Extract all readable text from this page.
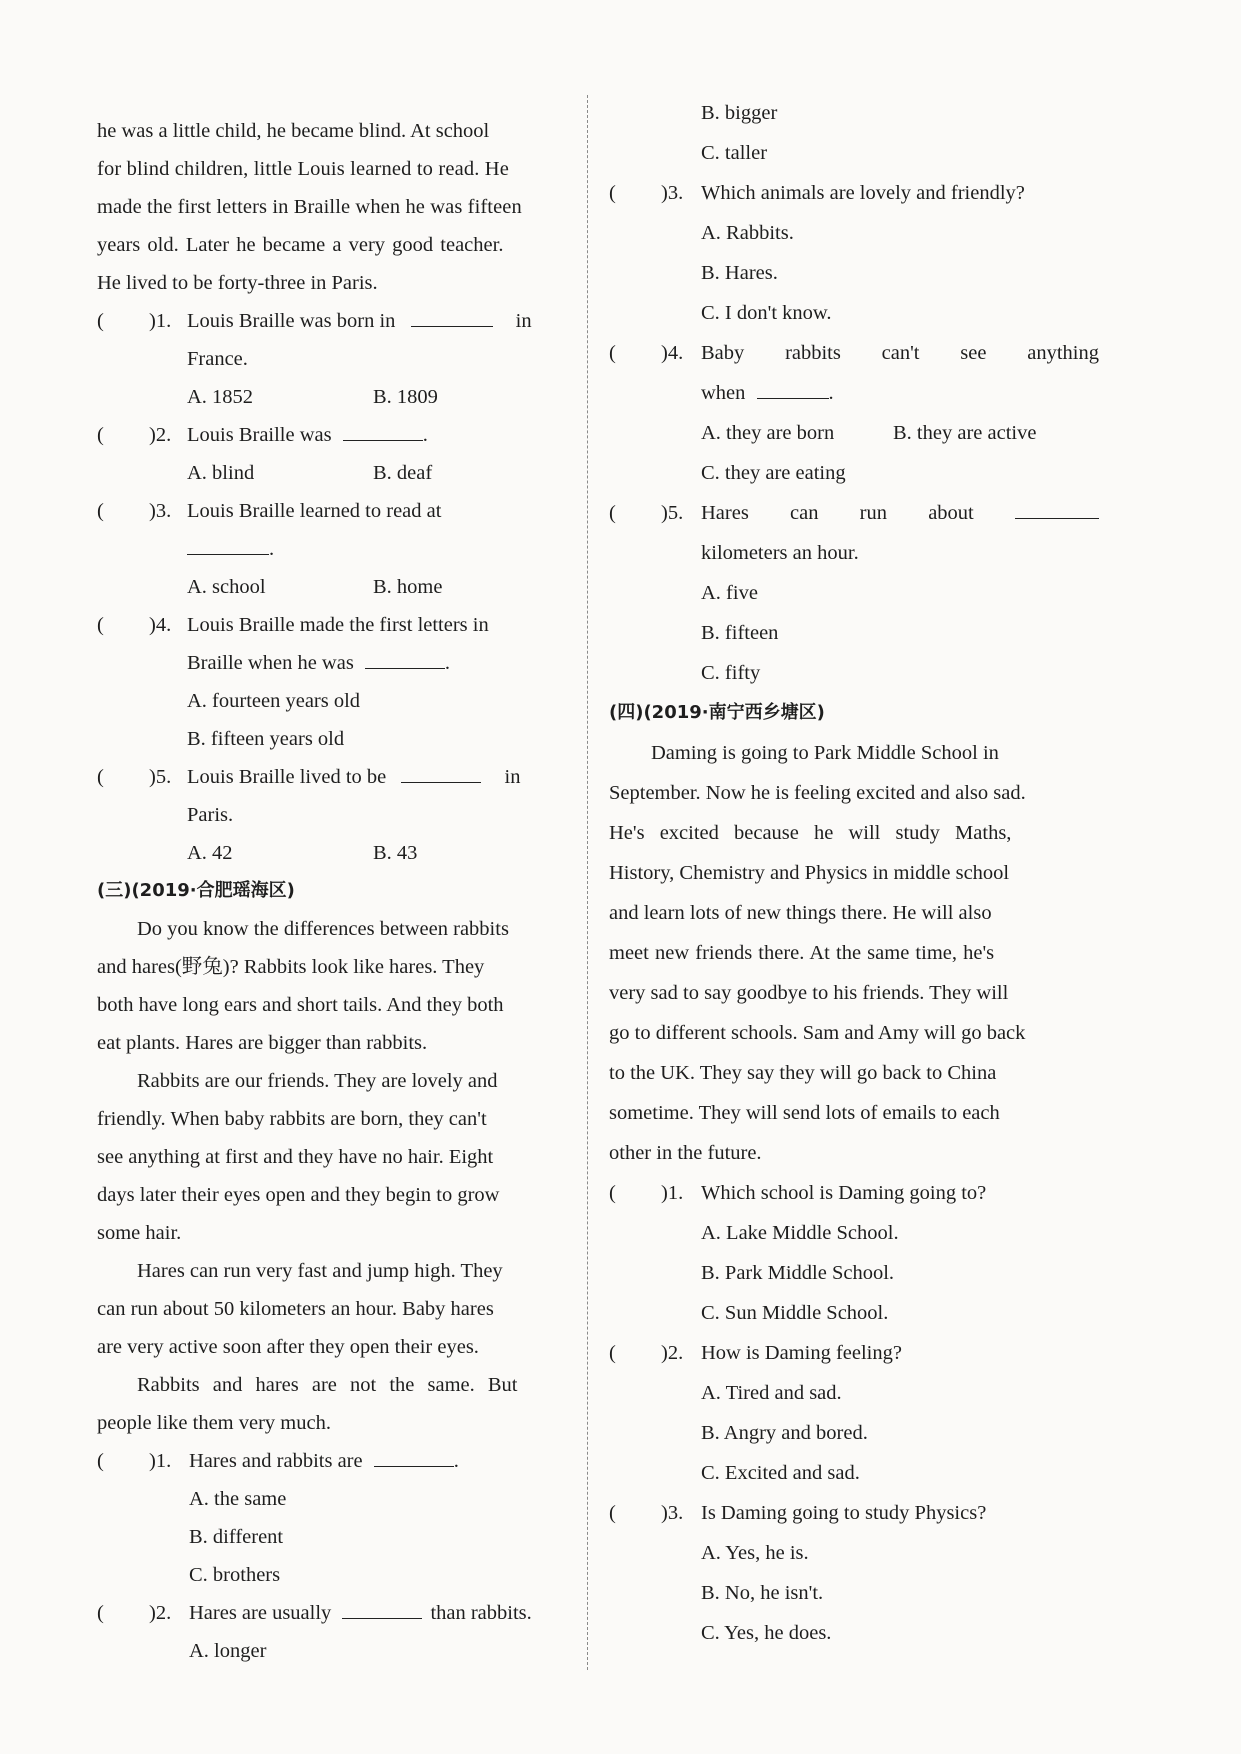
he was a little child, he became blind. At school
for blind children, little Louis learned to read. He
made the first letters in Braille when he was fifteen
years old. Later he became a very good teacher.
He lived to be forty-three in Paris.
( )1. Louis Braille was born in	in
France.
A. 1852	B. 1809
( )2. Louis Braille was	.
A. blind	B. deaf
( )3. Louis Braille learned to read at
.
A. school	B. home
( )4. Louis Braille made the first letters in
Braille when he was	.
A. fourteen years old
B. fifteen years old
( )5. Louis Braille lived to be	in
Paris.
A. 42	B. 43
(三)(2019·合肥瑶海区)
Do you know the differences between rabbits
and hares(野兔)? Rabbits look like hares. They
both have long ears and short tails. And they both
eat plants. Hares are bigger than rabbits.
Rabbits are our friends. They are lovely and
friendly. When baby rabbits are born, they can't
see anything at first and they have no hair. Eight
days later their eyes open and they begin to grow
some hair.
Hares can run very fast and jump high. They
can run about 50 kilometers an hour. Baby hares
are very active soon after they open their eyes.
Rabbits and hares are not the same. But
people like them very much.
( )1. Hares and rabbits are	.
A. the same
B. different
C. brothers
( )2. Hares are usually	than rabbits.
A. longer
B. bigger
C. taller
( )3. Which animals are lovely and friendly?
A. Rabbits.
B. Hares.
C. I don't know.
( )4. Baby rabbits can't see anything
when	.
A. they are born	B. they are active
C. they are eating
( )5. Hares can run about
kilometers an hour.
A. five
B. fifteen
C. fifty
(四)(2019·南宁西乡塘区)
Daming is going to Park Middle School in
September. Now he is feeling excited and also sad.
He's excited because he will study Maths,
History, Chemistry and Physics in middle school
and learn lots of new things there. He will also
meet new friends there. At the same time, he's
very sad to say goodbye to his friends. They will
go to different schools. Sam and Amy will go back
to the UK. They say they will go back to China
sometime. They will send lots of emails to each
other in the future.
( )1. Which school is Daming going to?
A. Lake Middle School.
B. Park Middle School.
C. Sun Middle School.
( )2. How is Daming feeling?
A. Tired and sad.
B. Angry and bored.
C. Excited and sad.
( )3. Is Daming going to study Physics?
A. Yes, he is.
B. No, he isn't.
C. Yes, he does.
